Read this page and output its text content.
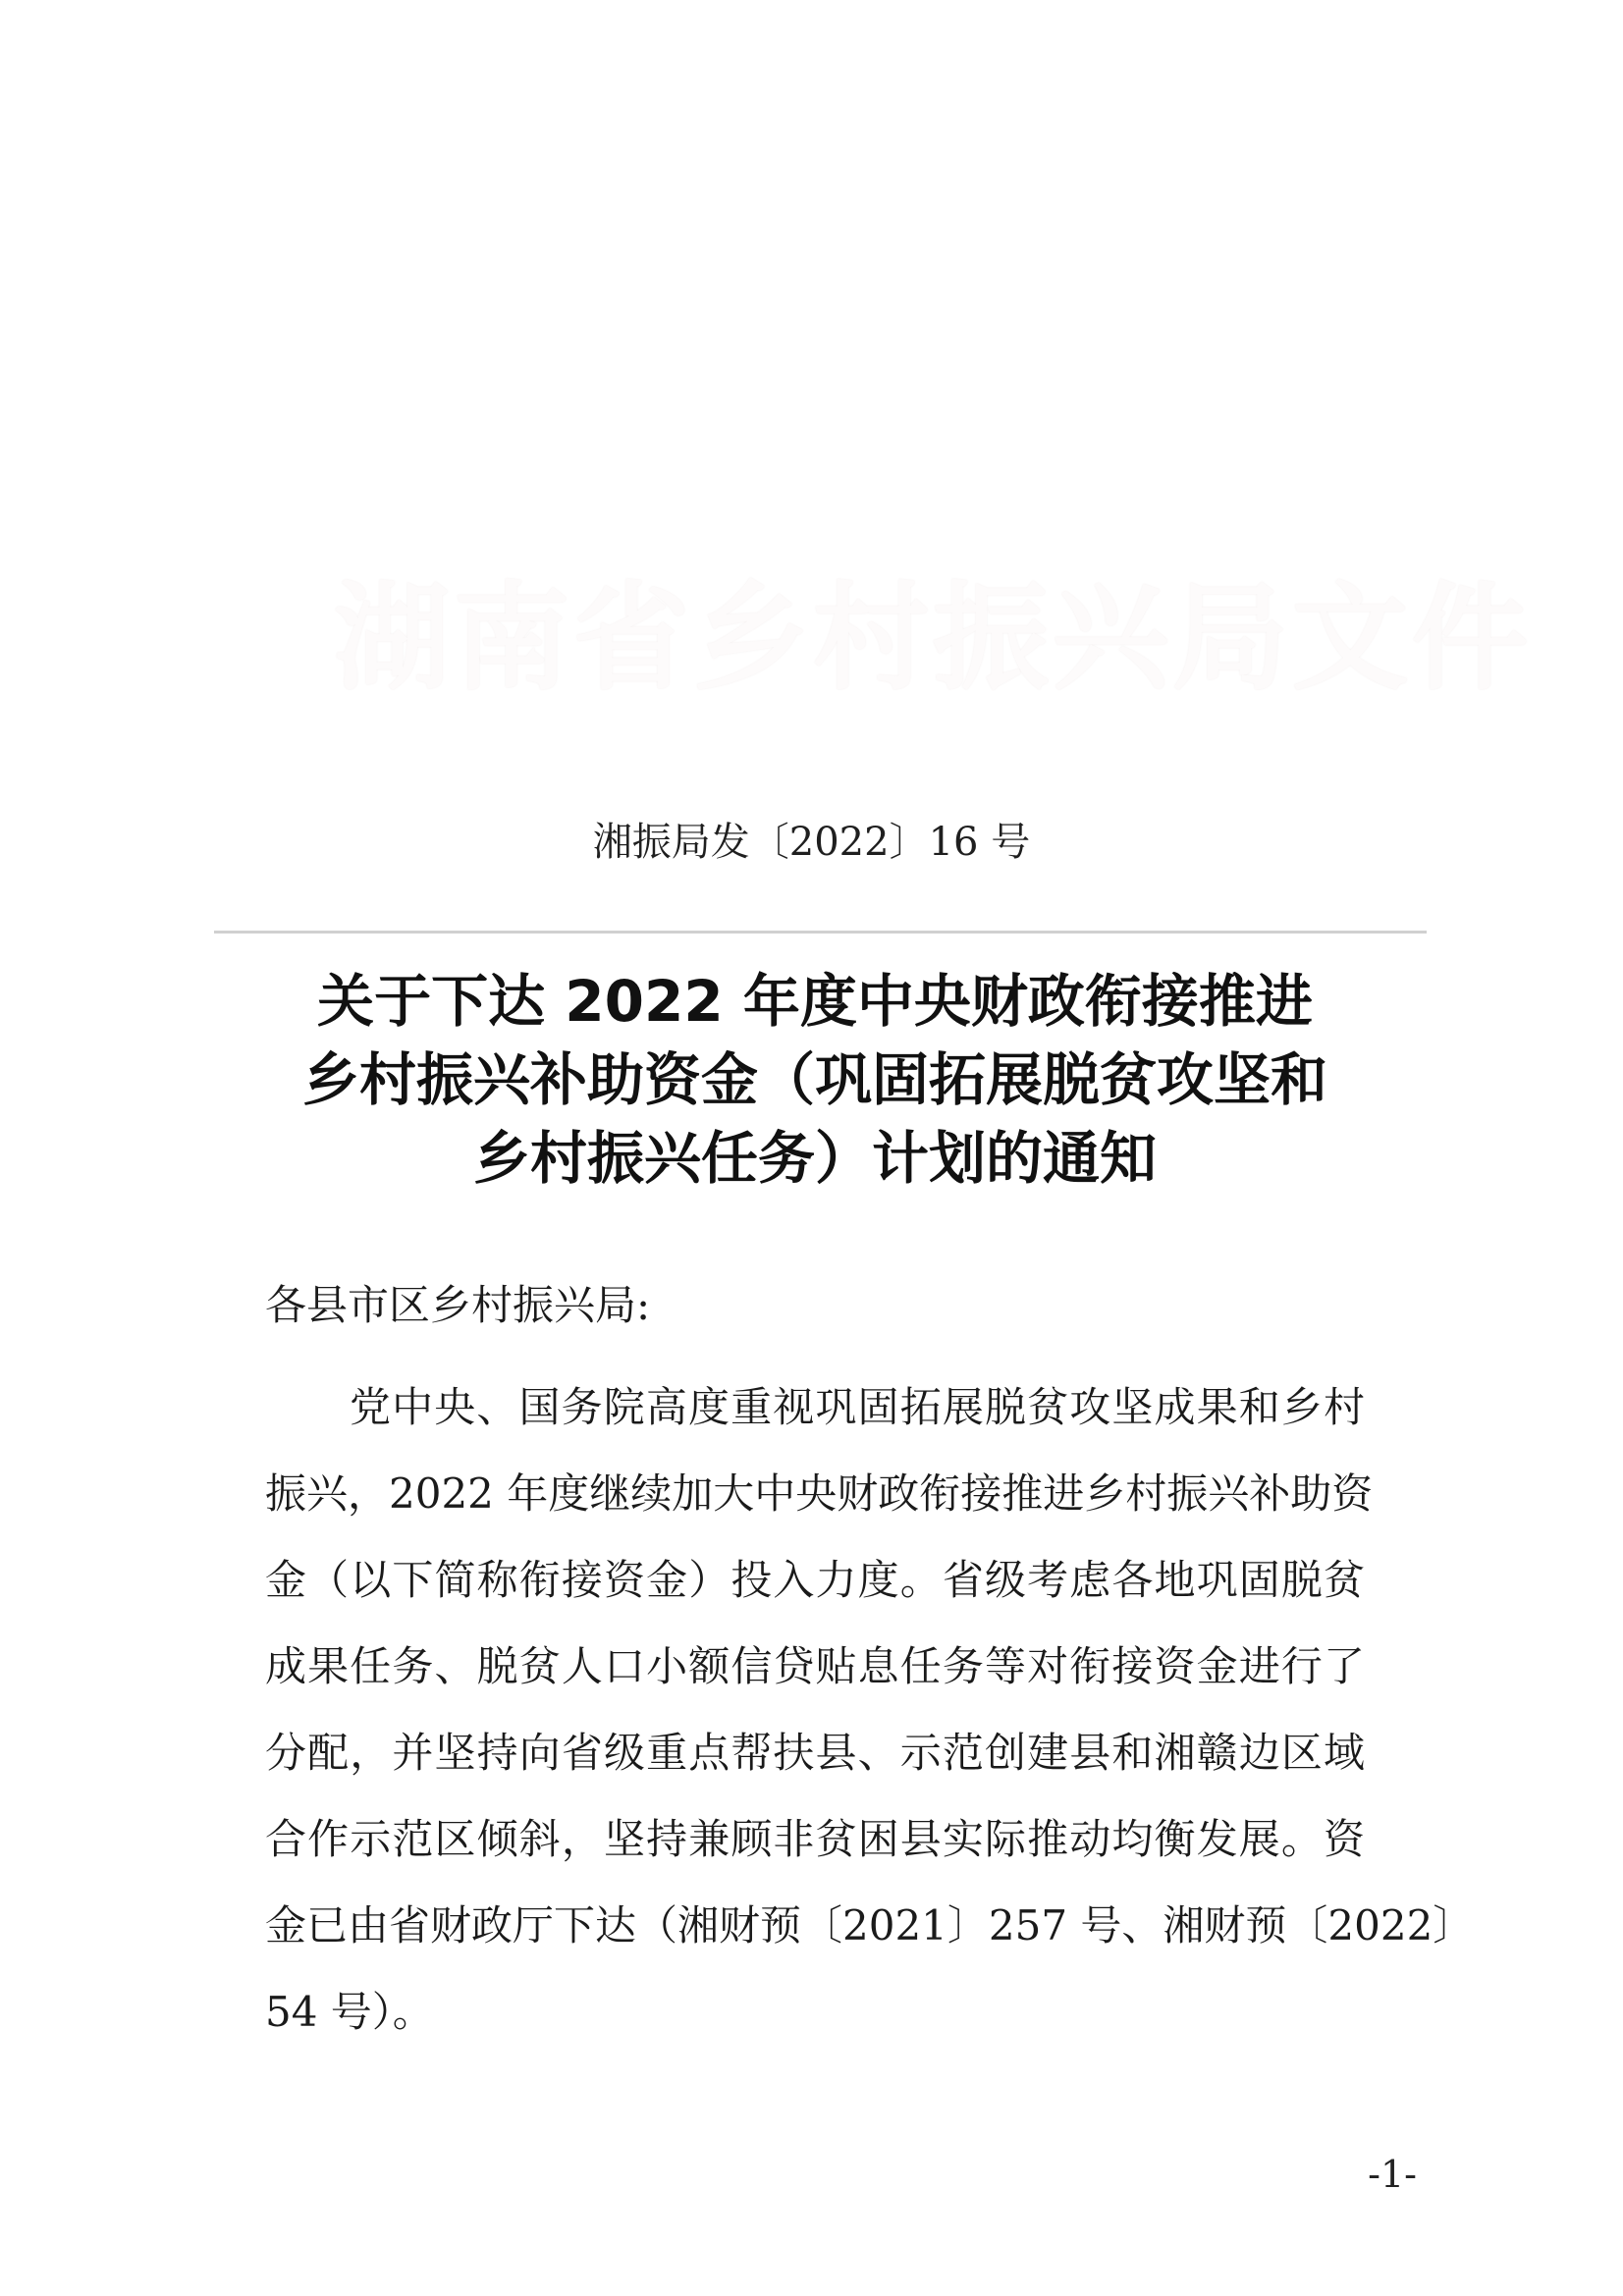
湖南省乡村振兴局文件
湘振局发〔2022〕16 号
关于下达 2022 年度中央财政衔接推进
乡村振兴补助资金（巩固拓展脱贫攻坚和
乡村振兴任务）计划的通知
各县市区乡村振兴局:
党中央、国务院高度重视巩固拓展脱贫攻坚成果和乡村
振兴，2022 年度继续加大中央财政衔接推进乡村振兴补助资
金（以下简称衔接资金）投入力度。省级考虑各地巩固脱贫
成果任务、脱贫人口小额信贷贴息任务等对衔接资金进行了
分配，并坚持向省级重点帮扶县、示范创建县和湘赣边区域
合作示范区倾斜，坚持兼顾非贫困县实际推动均衡发展。资
金已由省财政厅下达（湘财预〔2021〕257 号、湘财预〔2022〕
54 号）。
-1-
